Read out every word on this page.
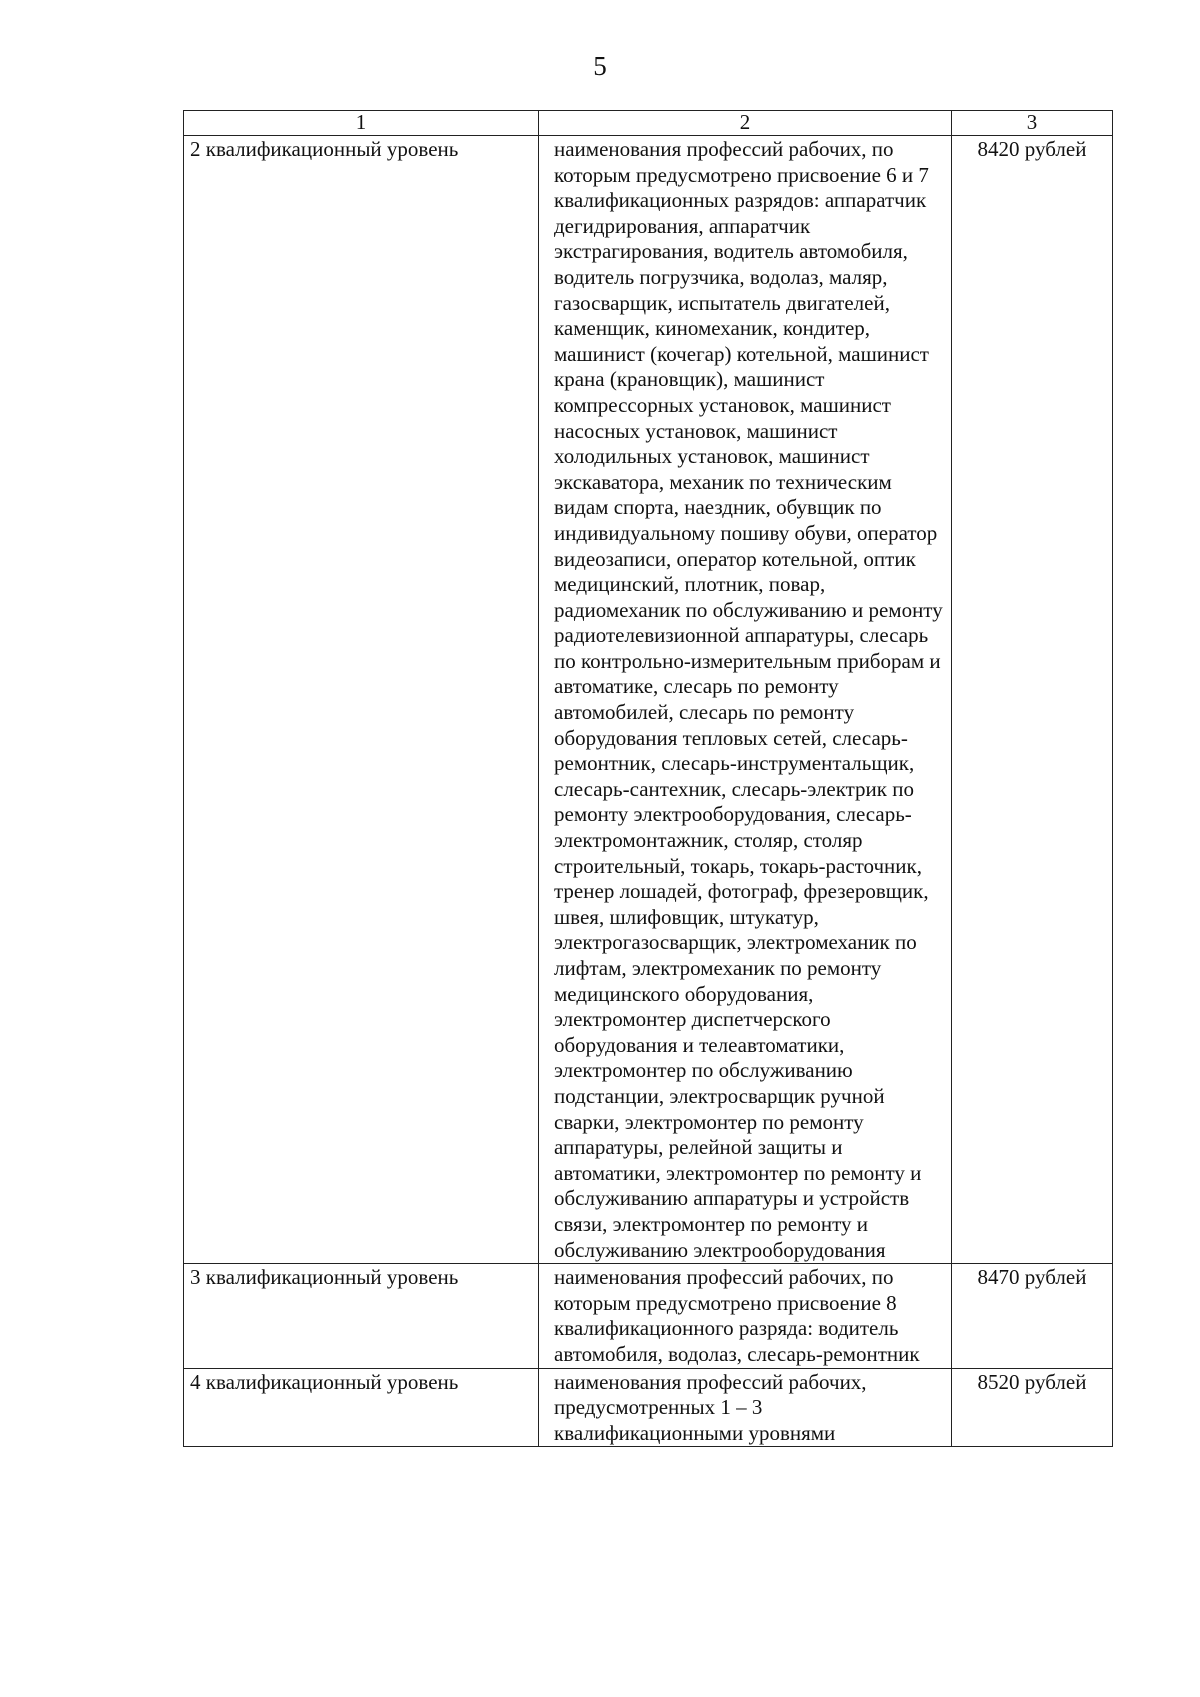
5
1	2	3
2 квалификационный уровень	наименования профессий рабочих, по которым предусмотрено присвоение 6 и 7 квалификационных разрядов: аппаратчик дегидрирования, аппаратчик экстрагирования, водитель автомобиля, водитель погрузчика, водолаз, маляр, газосварщик, испытатель двигателей, каменщик, киномеханик, кондитер, машинист (кочегар) котельной, машинист крана (крановщик), машинист компрессорных установок, машинист насосных установок, машинист холодильных установок, машинист экскаватора, механик по техническим видам спорта, наездник, обувщик по индивидуальному пошиву обуви, оператор видеозаписи, оператор котельной, оптик медицинский, плотник, повар, радиомеханик по обслуживанию и ремонту радиотелевизионной аппаратуры, слесарь по контрольно-измерительным приборам и автоматике, слесарь по ремонту автомобилей, слесарь по ремонту оборудования тепловых сетей, слесарь-ремонтник, слесарь-инструментальщик, слесарь-сантехник, слесарь-электрик по ремонту электрооборудования, слесарь-электромонтажник, столяр, столяр строительный, токарь, токарь-расточник, тренер лошадей, фотограф, фрезеровщик, швея, шлифовщик, штукатур, электрогазосварщик, электромеханик по лифтам, электромеханик по ремонту медицинского оборудования, электромонтер диспетчерского оборудования и телеавтоматики, электромонтер по обслуживанию подстанции, электросварщик ручной сварки, электромонтер по ремонту аппаратуры, релейной защиты и автоматики, электромонтер по ремонту и обслуживанию аппаратуры и устройств связи, электромонтер по ремонту и обслуживанию электрооборудования	8420 рублей
3 квалификационный уровень	наименования профессий рабочих, по которым предусмотрено присвоение 8 квалификационного разряда: водитель автомобиля, водолаз, слесарь-ремонтник	8470 рублей
4 квалификационный уровень	наименования профессий рабочих, предусмотренных 1 – 3 квалификационными уровнями	8520 рублей
